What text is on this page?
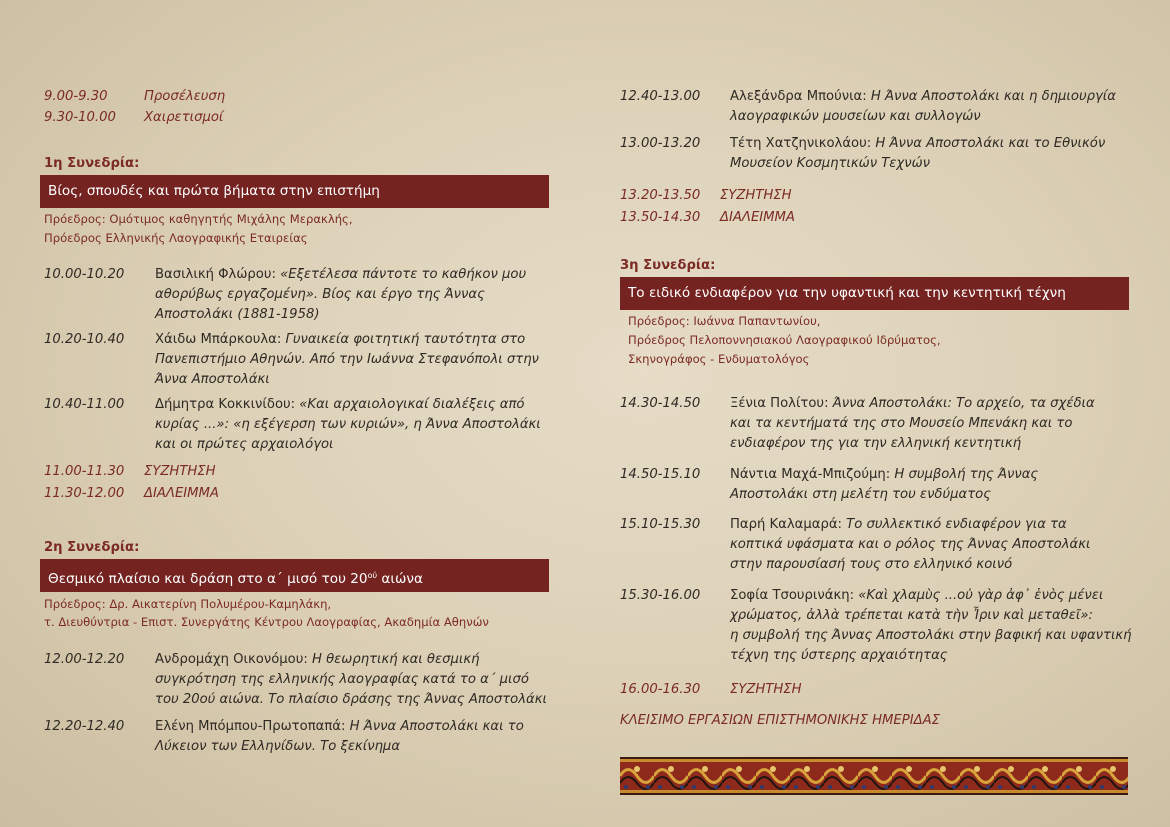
9.00-9.30	Προσέλευση
9.30-10.00 Χαιρετισμοί
1η Συνεδρία:
Βίος, σπουδές και πρώτα βήματα στην επιστήμη
Πρόεδρος: Ομότιμος καθηγητής Μιχάλης Μερακλής,
Πρόεδρος Ελληνικής Λαογραφικής Εταιρείας
10.00-10.20 Βασιλική Φλώρου: «Εξετέλεσα πάντοτε το καθήκον μου
αθορύβως εργαζομένη». Βίος και έργο της Άννας
Αποστολάκι (1881-1958)
10.20-10.40 Χάιδω Μπάρκουλα: Γυναικεία φοιτητική ταυτότητα στο
Πανεπιστήμιο Αθηνών. Από την Ιωάννα Στεφανόπολι στην
Άννα Αποστολάκι
10.40-11.00 Δήμητρα Κοκκινίδου: «Και αρχαιολογικαί διαλέξεις από
κυρίας ...»: «η εξέγερση των κυριών», η Άννα Αποστολάκι
και οι πρώτες αρχαιολόγοι
11.00-11.30 ΣΥΖΗΤΗΣΗ
11.30-12.00 ΔΙΑΛΕΙΜΜΑ
2η Συνεδρία:
Θεσμικό πλαίσιο και δράση στο α΄ μισό του $20^{oύ}$ αιώνα
Πρόεδρος: Δρ. Αικατερίνη Πολυμέρου-Καμηλάκη,
τ. Διευθύντρια - Επιστ. Συνεργάτης Κέντρου Λαογραφίας, Ακαδημία Αθηνών
12.00-12.20 Ανδρομάχη Οικονόμου: Η θεωρητική και θεσμική
συγκρότηση της ελληνικής λαογραφίας κατά το α΄ μισό
του 20ού αιώνα. Το πλαίσιο δράσης της Άννας Αποστολάκι
12.20-12.40 Ελένη Μπόμπου-Πρωτοπαπά: Η Άννα Αποστολάκι και το
Λύκειον των Ελληνίδων. Το ξεκίνημα
12.40-13.00 Αλεξάνδρα Μπούνια: Η Άννα Αποστολάκι και η δημιουργία
λαογραφικών μουσείων και συλλογών
13.00-13.20 Τέτη Χατζηνικολάου: Η Άννα Αποστολάκι και το Εθνικόν
Μουσείον Κοσμητικών Τεχνών
13.20-13.50 ΣΥΖΗΤΗΣΗ
13.50-14.30 ΔΙΑΛΕΙΜΜΑ
3η Συνεδρία:
Το ειδικό ενδιαφέρον για την υφαντική και την κεντητική τέχνη
Πρόεδρος: Ιωάννα Παπαντωνίου,
Πρόεδρος Πελοποννησιακού Λαογραφικού Ιδρύματος,
Σκηνογράφος - Ενδυματολόγος
14.30-14.50 Ξένια Πολίτου: Άννα Αποστολάκι: Το αρχείο, τα σχέδια
και τα κεντήματά της στο Μουσείο Μπενάκη και το
ενδιαφέρον της για την ελληνική κεντητική
14.50-15.10 Νάντια Μαχά-Μπιζούμη: Η συμβολή της Άννας
Αποστολάκι στη μελέτη του ενδύματος
15.10-15.30 Παρή Καλαμαρά: Το συλλεκτικό ενδιαφέρον για τα
κοπτικά υφάσματα και ο ρόλος της Άννας Αποστολάκι
στην παρουσίασή τους στο ελληνικό κοινό
15.30-16.00 Σοφία Τσουρινάκη: «Καὶ χλαμὺς ...οὐ γὰρ ἀφ᾽ ἑνὸς μένει
χρώματος, ἀλλὰ τρέπεται κατὰ τὴν Ἶριν καὶ μεταθεῖ»:
η συμβολή της Άννας Αποστολάκι στην βαφική και υφαντική
τέχνη της ύστερης αρχαιότητας
16.00-16.30 ΣΥΖΗΤΗΣΗ
ΚΛΕΙΣΙΜΟ ΕΡΓΑΣΙΩΝ ΕΠΙΣΤΗΜΟΝΙΚΗΣ ΗΜΕΡΙΔΑΣ
